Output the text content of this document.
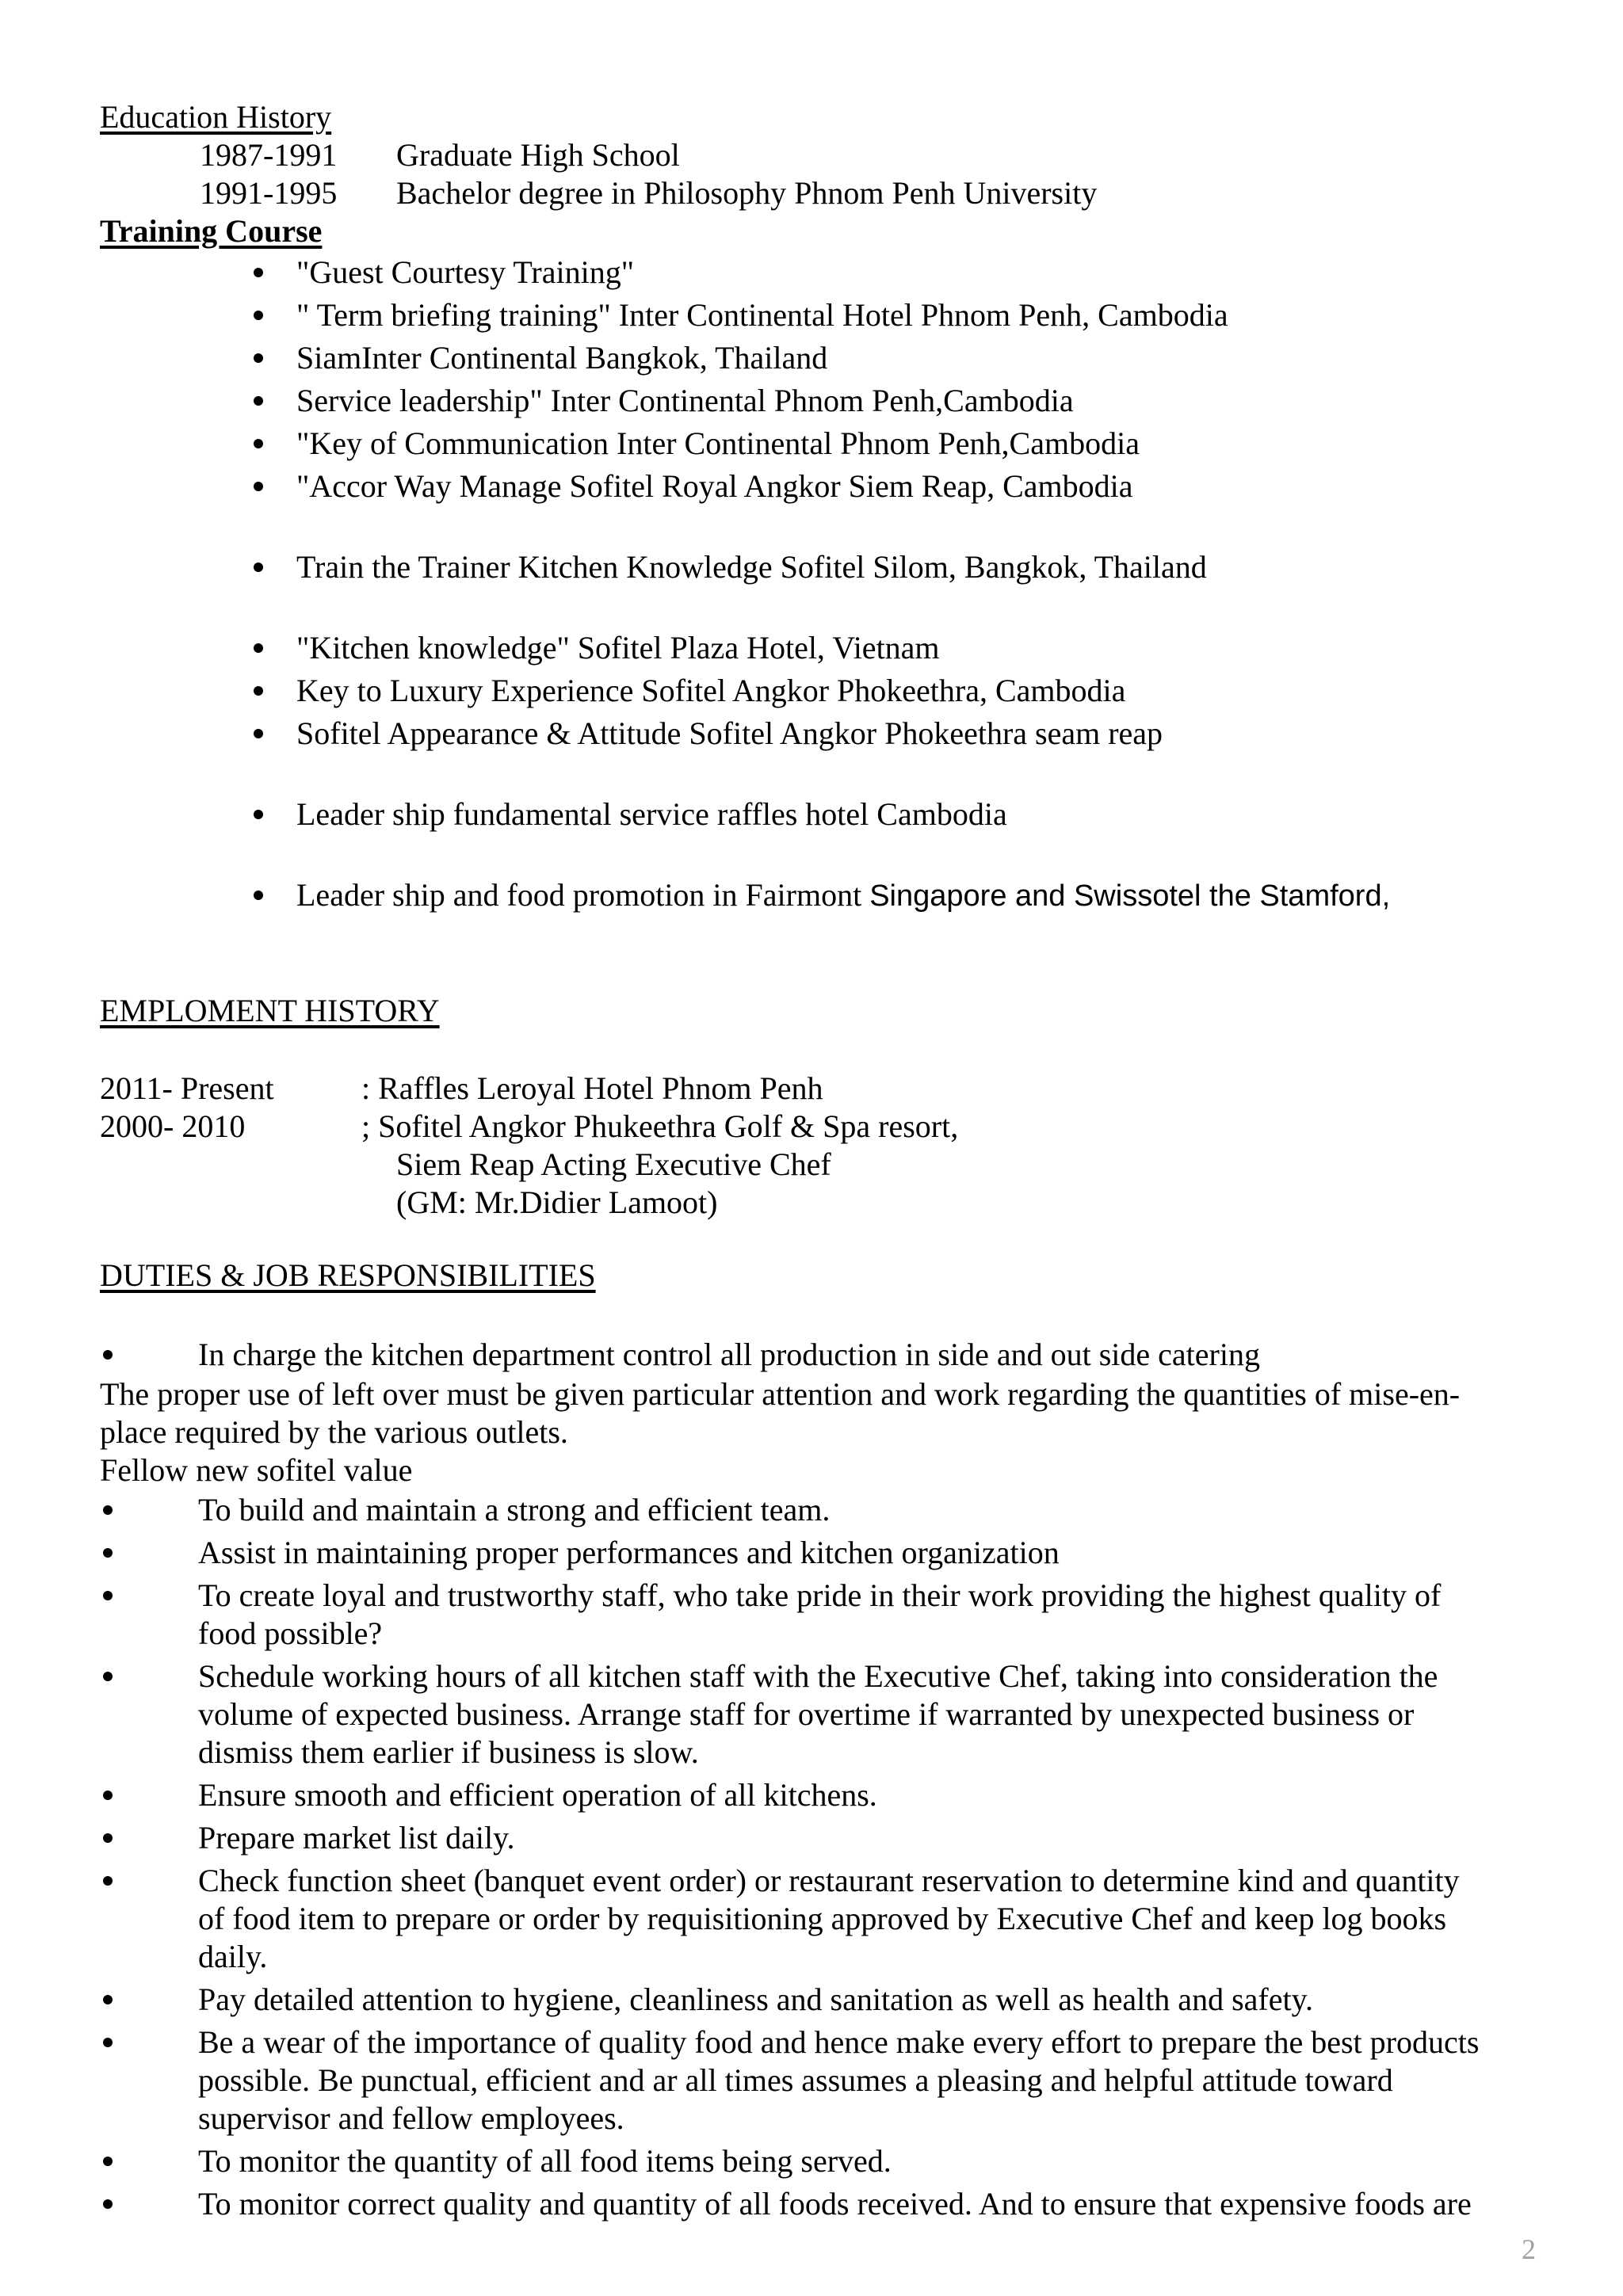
Education History
1987-1991 Graduate High School
1991-1995 Bachelor degree in Philosophy Phnom Penh University
Training Course
"Guest Courtesy Training"
" Term briefing training" Inter Continental Hotel Phnom Penh, Cambodia
SiamInter Continental Bangkok, Thailand
Service leadership" Inter Continental Phnom Penh,Cambodia
"Key of Communication Inter Continental Phnom Penh,Cambodia
"Accor Way Manage Sofitel Royal Angkor Siem Reap, Cambodia
Train the Trainer Kitchen Knowledge Sofitel Silom, Bangkok, Thailand
"Kitchen knowledge" Sofitel Plaza Hotel, Vietnam
Key to Luxury Experience Sofitel Angkor Phokeethra, Cambodia
Sofitel Appearance & Attitude Sofitel Angkor Phokeethra seam reap
Leader ship fundamental service raffles hotel Cambodia
Leader ship and food promotion in Fairmont Singapore and Swissotel the Stamford,
EMPLOMENT HISTORY
2011- Present	: Raffles Leroyal Hotel Phnom Penh
2000- 2010	; Sofitel Angkor Phukeethra Golf & Spa resort,
Siem Reap Acting Executive Chef
(GM: Mr.Didier Lamoot)
DUTIES & JOB RESPONSIBILITIES
In charge the kitchen department control all production in side and out side catering
The proper use of left over must be given particular attention and work regarding the quantities of mise-en-
place required by the various outlets.
Fellow new sofitel value
To build and maintain a strong and efficient team.
Assist in maintaining proper performances and kitchen organization
To create loyal and trustworthy staff, who take pride in their work providing the highest quality of
food possible?
Schedule working hours of all kitchen staff with the Executive Chef, taking into consideration the
volume of expected business. Arrange staff for overtime if warranted by unexpected business or
dismiss them earlier if business is slow.
Ensure smooth and efficient operation of all kitchens.
Prepare market list daily.
Check function sheet (banquet event order) or restaurant reservation to determine kind and quantity
of food item to prepare or order by requisitioning approved by Executive Chef and keep log books
daily.
Pay detailed attention to hygiene, cleanliness and sanitation as well as health and safety.
Be a wear of the importance of quality food and hence make every effort to prepare the best products
possible. Be punctual, efficient and ar all times assumes a pleasing and helpful attitude toward
supervisor and fellow employees.
To monitor the quantity of all food items being served.
To monitor correct quality and quantity of all foods received. And to ensure that expensive foods are
2
